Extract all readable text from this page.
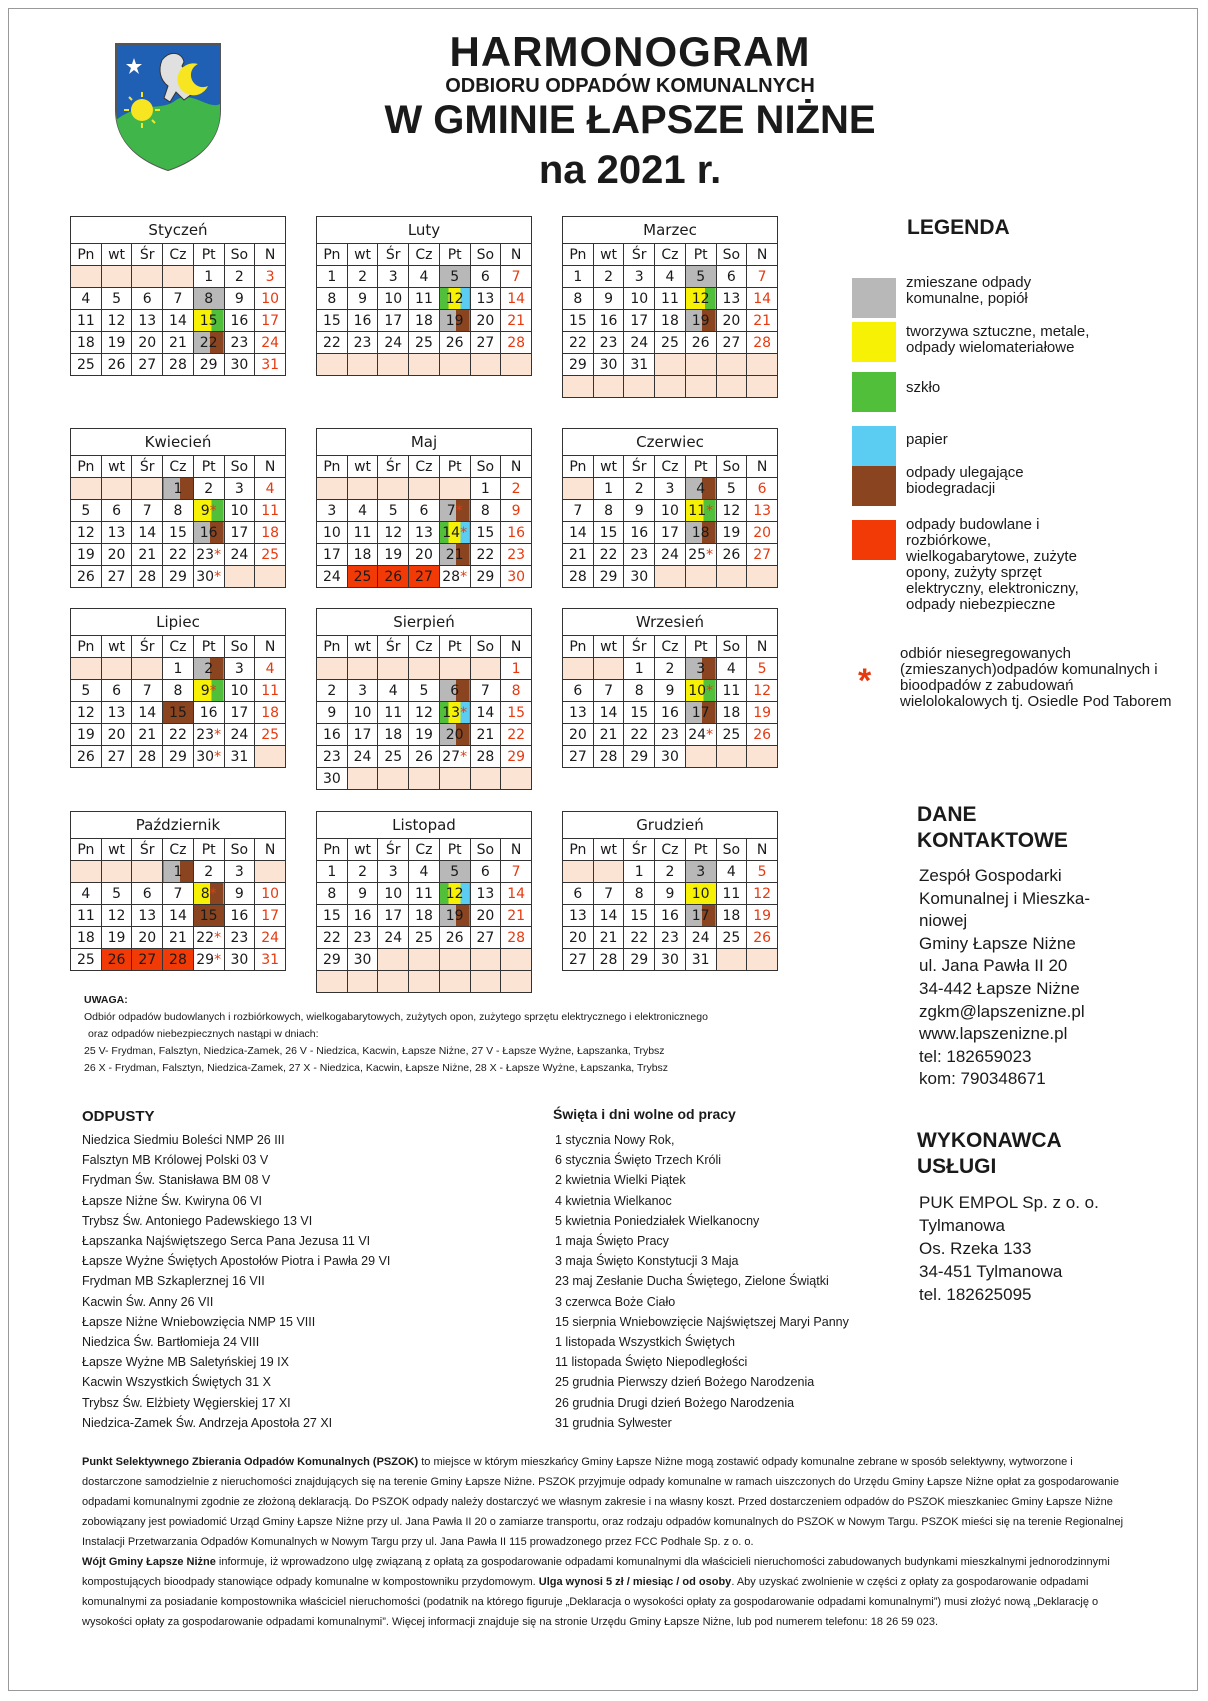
HARMONOGRAM
ODBIORU ODPADÓW KOMUNALNYCH
W GMINIE ŁAPSZE NIŻNE
na 2021 r.
Styczeń						
Pn	wt	Śr	Cz	Pt	So	N
				1	2	3
4	5	6	7	8	9	10
11	12	13	14	15	16	17
18	19	20	21	22	23	24
25	26	27	28	29	30	31
Luty						
Pn	wt	Śr	Cz	Pt	So	N
1	2	3	4	5	6	7
8	9	10	11	12	13	14
15	16	17	18	19	20	21
22	23	24	25	26	27	28

Marzec						
Pn	wt	Śr	Cz	Pt	So	N
1	2	3	4	5	6	7
8	9	10	11	12	13	14
15	16	17	18	19	20	21
22	23	24	25	26	27	28
29	30	31				

Kwiecień						
Pn	wt	Śr	Cz	Pt	So	N
			1	2	3	4
5	6	7	8	9*	10	11
12	13	14	15	16	17	18
19	20	21	22	23*	24	25
26	27	28	29	30*		
Maj						
Pn	wt	Śr	Cz	Pt	So	N
					1	2
3	4	5	6	7*	8	9
10	11	12	13	14*	15	16
17	18	19	20	21	22	23
24	25	26	27	28*	29	30
Czerwiec						
Pn	wt	Śr	Cz	Pt	So	N
	1	2	3	4	5	6
7	8	9	10	11*	12	13
14	15	16	17	18	19	20
21	22	23	24	25*	26	27
28	29	30				
Lipiec						
Pn	wt	Śr	Cz	Pt	So	N
			1	2	3	4
5	6	7	8	9*	10	11
12	13	14	15	16	17	18
19	20	21	22	23*	24	25
26	27	28	29	30*	31	
Sierpień						
Pn	wt	Śr	Cz	Pt	So	N
						1
2	3	4	5	6	7	8
9	10	11	12	13*	14	15
16	17	18	19	20	21	22
23	24	25	26	27*	28	29
30						
Wrzesień						
Pn	wt	Śr	Cz	Pt	So	N
		1	2	3	4	5
6	7	8	9	10*	11	12
13	14	15	16	17	18	19
20	21	22	23	24*	25	26
27	28	29	30			
Październik						
Pn	wt	Śr	Cz	Pt	So	N
			1	2	3	
4	5	6	7	8*	9	10
11	12	13	14	15	16	17
18	19	20	21	22*	23	24
25	26	27	28	29*	30	31
Listopad						
Pn	wt	Śr	Cz	Pt	So	N
1	2	3	4	5	6	7
8	9	10	11	12	13	14
15	16	17	18	19	20	21
22	23	24	25	26	27	28
29	30					

Grudzień						
Pn	wt	Śr	Cz	Pt	So	N
		1	2	3	4	5
6	7	8	9	10	11	12
13	14	15	16	17	18	19
20	21	22	23	24	25	26
27	28	29	30	31		
LEGENDA
zmieszane odpady komunalne, popiół
tworzywa sztuczne, metale, odpady wielomateriałowe
szkło
papier
odpady ulegające biodegradacji
odpady budowlane i rozbiórkowe, wielkogabarytowe, zużyte opony, zużyty sprzęt elektryczny, elektroniczny, odpady niebezpieczne
*
odbiór niesegregowanych (zmieszanych)odpadów komunalnych i bioodpadów z zabudowań wielolokalowych tj. Osiedle Pod Taborem
DANE KONTAKTOWE
Zespół Gospodarki
Komunalnej i Mieszka-
niowej
Gminy Łapsze Niżne
ul. Jana Pawła II 20
34-442 Łapsze Niżne
zgkm@lapszenizne.pl
www.lapszenizne.pl
tel: 182659023
kom: 790348671
WYKONAWCA USŁUGI
PUK EMPOL Sp. z o. o.
Tylmanowa
Os. Rzeka 133
34-451 Tylmanowa
tel. 182625095
UWAGA:
Odbiór odpadów budowlanych i rozbiórkowych, wielkogabarytowych, zużytych opon, zużytego sprzętu elektrycznego i elektronicznego
oraz odpadów niebezpiecznych nastąpi w dniach:
25 V- Frydman, Falsztyn, Niedzica-Zamek, 26 V - Niedzica, Kacwin, Łapsze Niżne, 27 V - Łapsze Wyżne, Łapszanka, Trybsz
26 X - Frydman, Falsztyn, Niedzica-Zamek, 27 X - Niedzica, Kacwin, Łapsze Niżne, 28 X - Łapsze Wyżne, Łapszanka, Trybsz
ODPUSTY
Niedzica Siedmiu Boleści NMP 26 III
Falsztyn MB Królowej Polski 03 V
Frydman Św. Stanisława BM 08 V
Łapsze Niżne Św. Kwiryna 06 VI
Trybsz Św. Antoniego Padewskiego 13 VI
Łapszanka Najświętszego Serca Pana Jezusa 11 VI
Łapsze Wyżne Świętych Apostołów Piotra i Pawła 29 VI
Frydman MB Szkaplerznej 16 VII
Kacwin Św. Anny 26 VII
Łapsze Niżne Wniebowzięcia NMP 15 VIII
Niedzica Św. Bartłomieja 24 VIII
Łapsze Wyżne MB Saletyńskiej 19 IX
Kacwin Wszystkich Świętych 31 X
Trybsz Św. Elżbiety Węgierskiej 17 XI
Niedzica-Zamek Św. Andrzeja Apostoła 27 XI
Święta i dni wolne od pracy
1 stycznia Nowy Rok,
6 stycznia Święto Trzech Króli
2 kwietnia Wielki Piątek
4 kwietnia Wielkanoc
5 kwietnia Poniedziałek Wielkanocny
1 maja Święto Pracy
3 maja Święto Konstytucji 3 Maja
23 maj Zesłanie Ducha Świętego, Zielone Świątki
3 czerwca Boże Ciało
15 sierpnia Wniebowzięcie Najświętszej Maryi Panny
1 listopada Wszystkich Świętych
11 listopada Święto Niepodległości
25 grudnia Pierwszy dzień Bożego Narodzenia
26 grudnia Drugi dzień Bożego Narodzenia
31 grudnia Sylwester
Punkt Selektywnego Zbierania Odpadów Komunalnych (PSZOK) to miejsce w którym mieszkańcy Gminy Łapsze Niżne mogą zostawić odpady komunalne zebrane w sposób selektywny, wytworzone i dostarczone samodzielnie z nieruchomości znajdujących się na terenie Gminy Łapsze Niżne. PSZOK przyjmuje odpady komunalne w ramach uiszczonych do Urzędu Gminy Łapsze Niżne opłat za gospodarowanie odpadami komunalnymi zgodnie ze złożoną deklaracją. Do PSZOK odpady należy dostarczyć we własnym zakresie i na własny koszt. Przed dostarczeniem odpadów do PSZOK mieszkaniec Gminy Łapsze Niżne zobowiązany jest powiadomić Urząd Gminy Łapsze Niżne przy ul. Jana Pawła II 20 o zamiarze transportu, oraz rodzaju odpadów komunalnych do PSZOK w Nowym Targu. PSZOK mieści się na terenie Regionalnej Instalacji Przetwarzania Odpadów Komunalnych w Nowym Targu przy ul. Jana Pawła II 115 prowadzonego przez FCC Podhale Sp. z o. o.
Wójt Gminy Łapsze Niżne informuje, iż wprowadzono ulgę związaną z opłatą za gospodarowanie odpadami komunalnymi dla właścicieli nieruchomości zabudowanych budynkami mieszkalnymi jednorodzinnymi kompostujących bioodpady stanowiące odpady komunalne w kompostowniku przydomowym. Ulga wynosi 5 zł / miesiąc / od osoby. Aby uzyskać zwolnienie w części z opłaty za gospodarowanie odpadami komunalnymi za posiadanie kompostownika właściciel nieruchomości (podatnik na którego figuruje „Deklaracja o wysokości opłaty za gospodarowanie odpadami komunalnymi”) musi złożyć nową „Deklarację o wysokości opłaty za gospodarowanie odpadami komunalnymi”. Więcej informacji znajduje się na stronie Urzędu Gminy Łapsze Niżne, lub pod numerem telefonu: 18 26 59 023.
